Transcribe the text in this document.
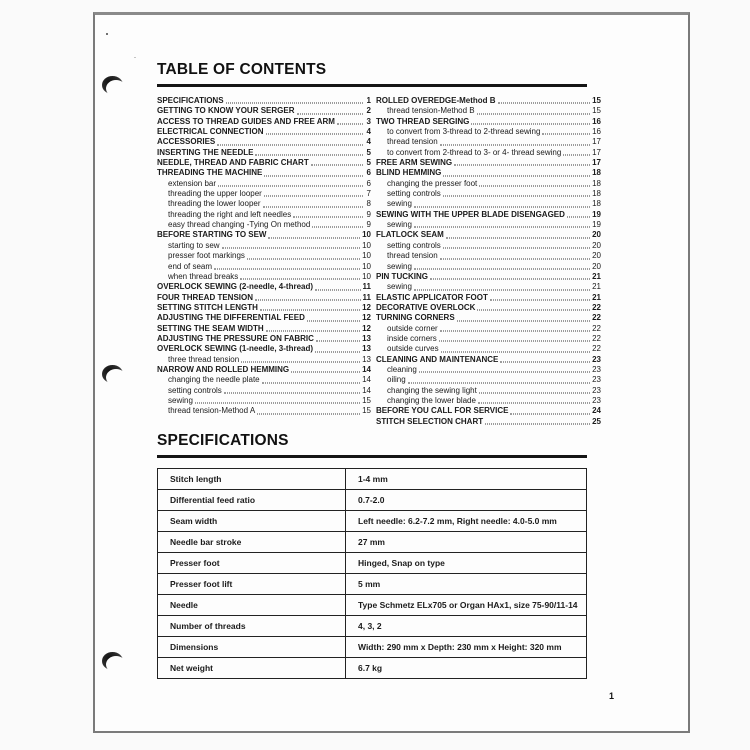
TABLE OF CONTENTS
SPECIFICATIONS	1
GETTING TO KNOW YOUR SERGER	2
ACCESS TO THREAD GUIDES AND FREE ARM	3
ELECTRICAL CONNECTION	4
ACCESSORIES	4
INSERTING THE NEEDLE	5
NEEDLE, THREAD AND FABRIC CHART	5
THREADING THE MACHINE	6
extension bar	6
threading the upper looper	7
threading the lower looper	8
threading the right and left needles	9
easy thread changing -Tying On method	9
BEFORE STARTING TO SEW	10
starting to sew	10
presser foot markings	10
end of seam	10
when thread breaks	10
OVERLOCK SEWING (2-needle, 4-thread)	11
FOUR THREAD TENSION	11
SETTING STITCH LENGTH	12
ADJUSTING THE DIFFERENTIAL FEED	12
SETTING THE SEAM WIDTH	12
ADJUSTING THE PRESSURE ON FABRIC	13
OVERLOCK SEWING (1-needle, 3-thread)	13
three thread tension	13
NARROW AND ROLLED HEMMING	14
changing the needle plate	14
setting controls	14
sewing	15
thread tension-Method A	15
ROLLED OVEREDGE-Method B	15
thread tension-Method B	15
TWO THREAD SERGING	16
to convert from 3-thread to 2-thread sewing	16
thread tension	17
to convert from 2-thread to 3- or 4- thread sewing	17
FREE ARM SEWING	17
BLIND HEMMING	18
changing the presser foot	18
setting controls	18
sewing	18
SEWING WITH THE UPPER BLADE DISENGAGED	19
sewing	19
FLATLOCK SEAM	20
setting controls	20
thread tension	20
sewing	20
PIN TUCKING	21
sewing	21
ELASTIC APPLICATOR FOOT	21
DECORATIVE OVERLOCK	22
TURNING CORNERS	22
outside corner	22
inside corners	22
outside curves	22
CLEANING AND MAINTENANCE	23
cleaning	23
oiling	23
changing the sewing light	23
changing the lower blade	23
BEFORE YOU CALL FOR SERVICE	24
STITCH SELECTION CHART	25
SPECIFICATIONS
Stitch length	1-4 mm
Differential feed ratio	0.7-2.0
Seam width	Left needle: 6.2-7.2 mm, Right needle: 4.0-5.0 mm
Needle bar stroke	27 mm
Presser foot	Hinged, Snap on type
Presser foot lift	5 mm
Needle	Type Schmetz ELx705 or Organ HAx1, size 75-90/11-14
Number of threads	4, 3, 2
Dimensions	Width: 290 mm x Depth: 230 mm x Height: 320 mm
Net weight	6.7 kg
1
